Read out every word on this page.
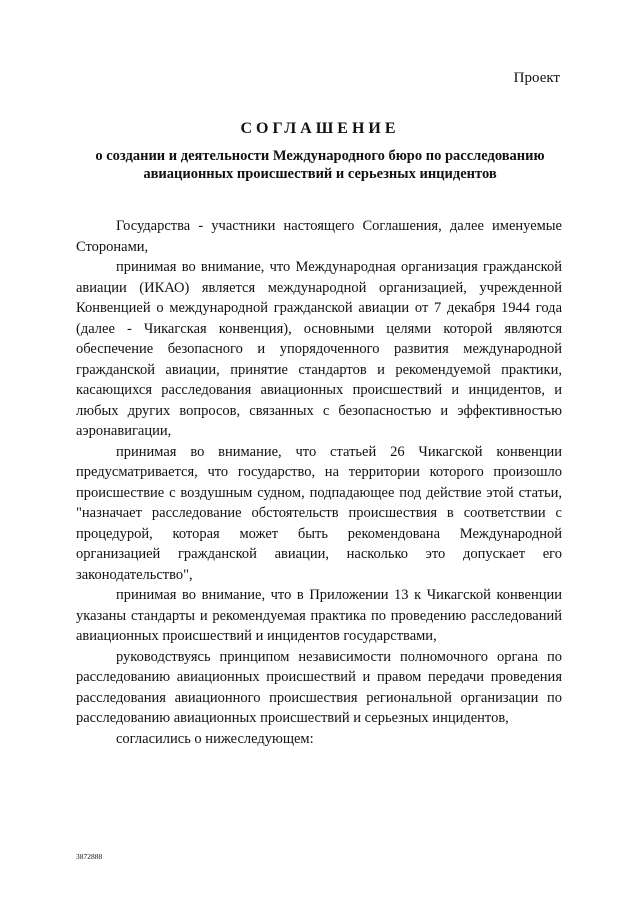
Проект
СОГЛАШЕНИЕ
о создании и деятельности Международного бюро по расследованию авиационных происшествий и серьезных инцидентов

Государства - участники настоящего Соглашения, далее именуемые Сторонами,

принимая во внимание, что Международная организация гражданской авиации (ИКАО) является международной организацией, учрежденной Конвенцией о международной гражданской авиации от 7 декабря 1944 года (далее - Чикагская конвенция), основными целями которой являются обеспечение безопасного и упорядоченного развития международной гражданской авиации, принятие стандартов и рекомендуемой практики, касающихся расследования авиационных происшествий и инцидентов, и любых других вопросов, связанных с безопасностью и эффективностью аэронавигации,

принимая во внимание, что статьей 26 Чикагской конвенции предусматривается, что государство, на территории которого произошло происшествие с воздушным судном, подпадающее под действие этой статьи, "назначает расследование обстоятельств происшествия в соответствии с процедурой, которая может быть рекомендована Международной организацией гражданской авиации, насколько это допускает его законодательство",

принимая во внимание, что в Приложении 13 к Чикагской конвенции указаны стандарты и рекомендуемая практика по проведению расследований авиационных происшествий и инцидентов государствами,

руководствуясь принципом независимости полномочного органа по расследованию авиационных происшествий и правом передачи проведения расследования авиационного происшествия региональной организации по расследованию авиационных происшествий и серьезных инцидентов,

согласились о нижеследующем:

3872888
